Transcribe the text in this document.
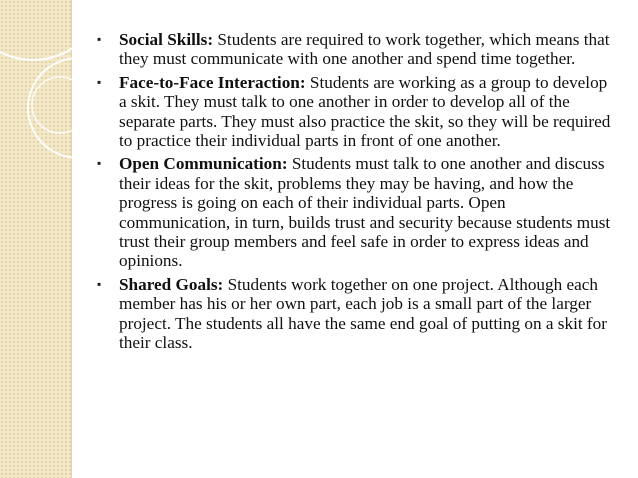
▪ Social Skills: Students are required to work together, which means that they must communicate with one another and spend time together.
▪ Face-to-Face Interaction: Students are working as a group to develop a skit. They must talk to one another in order to develop all of the separate parts. They must also practice the skit, so they will be required to practice their individual parts in front of one another.
▪ Open Communication: Students must talk to one another and discuss their ideas for the skit, problems they may be having, and how the progress is going on each of their individual parts. Open communication, in turn, builds trust and security because students must trust their group members and feel safe in order to express ideas and opinions.
▪ Shared Goals: Students work together on one project. Although each member has his or her own part, each job is a small part of the larger project. The students all have the same end goal of putting on a skit for their class.
